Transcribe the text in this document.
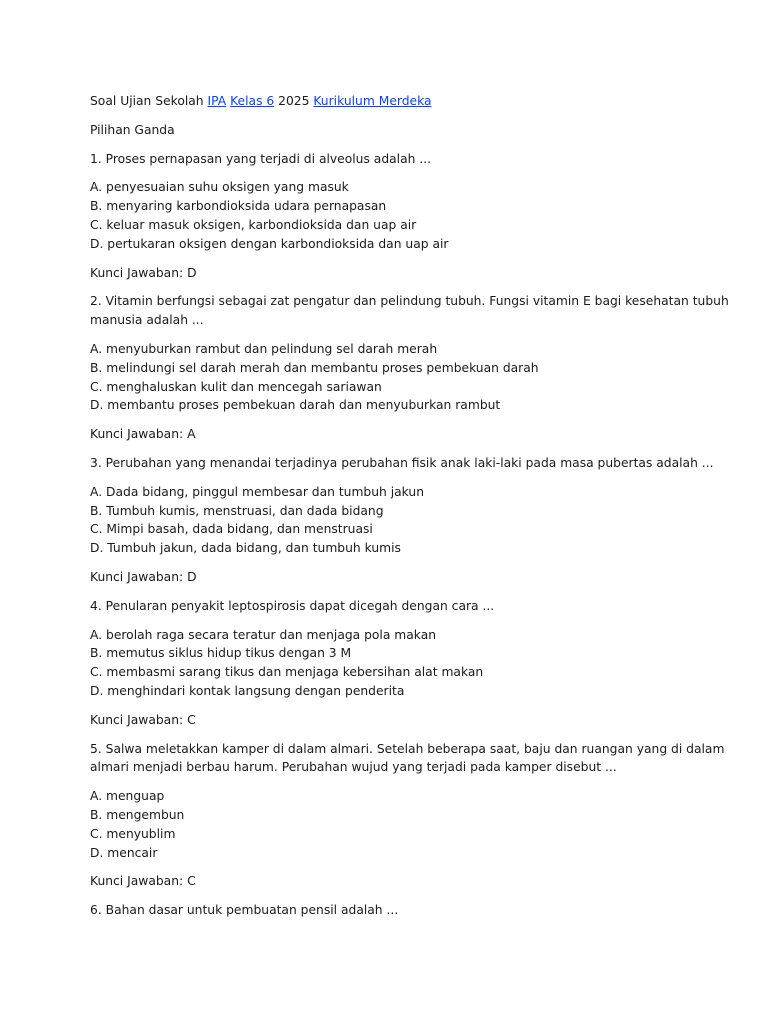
Soal Ujian Sekolah IPA Kelas 6 2025 Kurikulum Merdeka
Pilihan Ganda
1. Proses pernapasan yang terjadi di alveolus adalah ...
A. penyesuaian suhu oksigen yang masuk
B. menyaring karbondioksida udara pernapasan
C. keluar masuk oksigen, karbondioksida dan uap air
D. pertukaran oksigen dengan karbondioksida dan uap air
Kunci Jawaban: D
2. Vitamin berfungsi sebagai zat pengatur dan pelindung tubuh. Fungsi vitamin E bagi kesehatan tubuh
manusia adalah ...
A. menyuburkan rambut dan pelindung sel darah merah
B. melindungi sel darah merah dan membantu proses pembekuan darah
C. menghaluskan kulit dan mencegah sariawan
D. membantu proses pembekuan darah dan menyuburkan rambut
Kunci Jawaban: A
3. Perubahan yang menandai terjadinya perubahan fisik anak laki-laki pada masa pubertas adalah ...
A. Dada bidang, pinggul membesar dan tumbuh jakun
B. Tumbuh kumis, menstruasi, dan dada bidang
C. Mimpi basah, dada bidang, dan menstruasi
D. Tumbuh jakun, dada bidang, dan tumbuh kumis
Kunci Jawaban: D
4. Penularan penyakit leptospirosis dapat dicegah dengan cara ...
A. berolah raga secara teratur dan menjaga pola makan
B. memutus siklus hidup tikus dengan 3 M
C. membasmi sarang tikus dan menjaga kebersihan alat makan
D. menghindari kontak langsung dengan penderita
Kunci Jawaban: C
5. Salwa meletakkan kamper di dalam almari. Setelah beberapa saat, baju dan ruangan yang di dalam
almari menjadi berbau harum. Perubahan wujud yang terjadi pada kamper disebut ...
A. menguap
B. mengembun
C. menyublim
D. mencair
Kunci Jawaban: C
6. Bahan dasar untuk pembuatan pensil adalah ...
